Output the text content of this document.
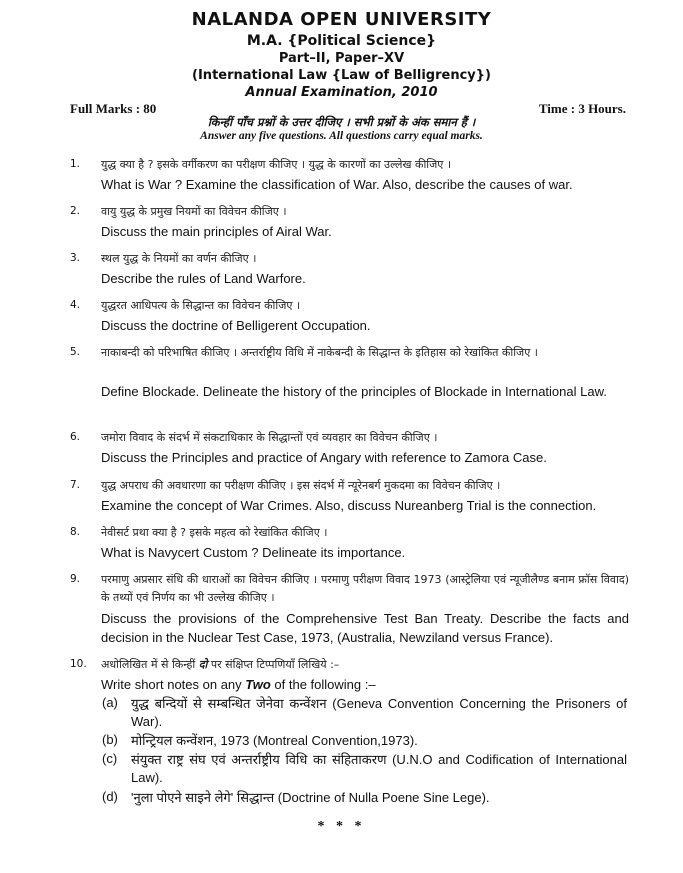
NALANDA OPEN UNIVERSITY
M.A. {Political Science}
Part–II, Paper–XV
(International Law {Law of Belligrency})
Annual Examination, 2010
Full Marks : 80	Time : 3 Hours.
किन्हीं पाँच प्रश्नों के उत्तर दीजिए । सभी प्रश्नों के अंक समान हैं ।
Answer any five questions. All questions carry equal marks.
1. युद्ध क्या है ? इसके वर्गीकरण का परीक्षण कीजिए । युद्ध के कारणों का उल्लेख कीजिए ।
What is War ? Examine the classification of War. Also, describe the causes of war.
2. वायु युद्ध के प्रमुख नियमों का विवेचन कीजिए ।
Discuss the main principles of Airal War.
3. स्थल युद्ध के नियमों का वर्णन कीजिए ।
Describe the rules of Land Warfore.
4. युद्धरत आधिपत्य के सिद्धान्त का विवेचन कीजिए ।
Discuss the doctrine of Belligerent Occupation.
5. नाकाबन्दी को परिभाषित कीजिए । अन्तर्राष्ट्रीय विधि में नाकेबन्दी के सिद्धान्त के इतिहास को रेखांकित कीजिए ।
Define Blockade. Delineate the history of the principles of Blockade in International Law.
6. जमोरा विवाद के संदर्भ में संकटाधिकार के सिद्धान्तों एवं व्यवहार का विवेचन कीजिए ।
Discuss the Principles and practice of Angary with reference to Zamora Case.
7. युद्ध अपराध की अवधारणा का परीक्षण कीजिए । इस संदर्भ में न्यूरेनबर्ग मुकदमा का विवेचन कीजिए ।
Examine the concept of War Crimes. Also, discuss Nureanberg Trial is the connection.
8. नेवीसर्ट प्रथा क्या है ? इसके महत्व को रेखांकित कीजिए ।
What is Navycert Custom ? Delineate its importance.
9. परमाणु अप्रसार संधि की धाराओं का विवेचन कीजिए । परमाणु परीक्षण विवाद 1973 (आस्ट्रेलिया एवं न्यूजीलैण्ड बनाम फ्रॉस विवाद) के तथ्यों एवं निर्णय का भी उल्लेख कीजिए ।
Discuss the provisions of the Comprehensive Test Ban Treaty. Describe the facts and decision in the Nuclear Test Case, 1973, (Australia, Newziland versus France).
10. अधोलिखित में से किन्हीं दो पर संक्षिप्त टिप्पणियाँ लिखिये :–
Write short notes on any Two of the following :–
(a) युद्ध बन्दियों से सम्बन्धित जेनेवा कन्वेंशन (Geneva Convention Concerning the Prisoners of War).
(b) मोन्ट्रियल कन्वेंशन, 1973 (Montreal Convention,1973).
(c) संयुक्त राष्ट्र संघ एवं अन्तर्राष्ट्रीय विधि का संहिताकरण (U.N.O and Codification of International Law).
(d) 'नुला पोएने साइने लेगे' सिद्धान्त (Doctrine of Nulla Poene Sine Lege).
* * *
